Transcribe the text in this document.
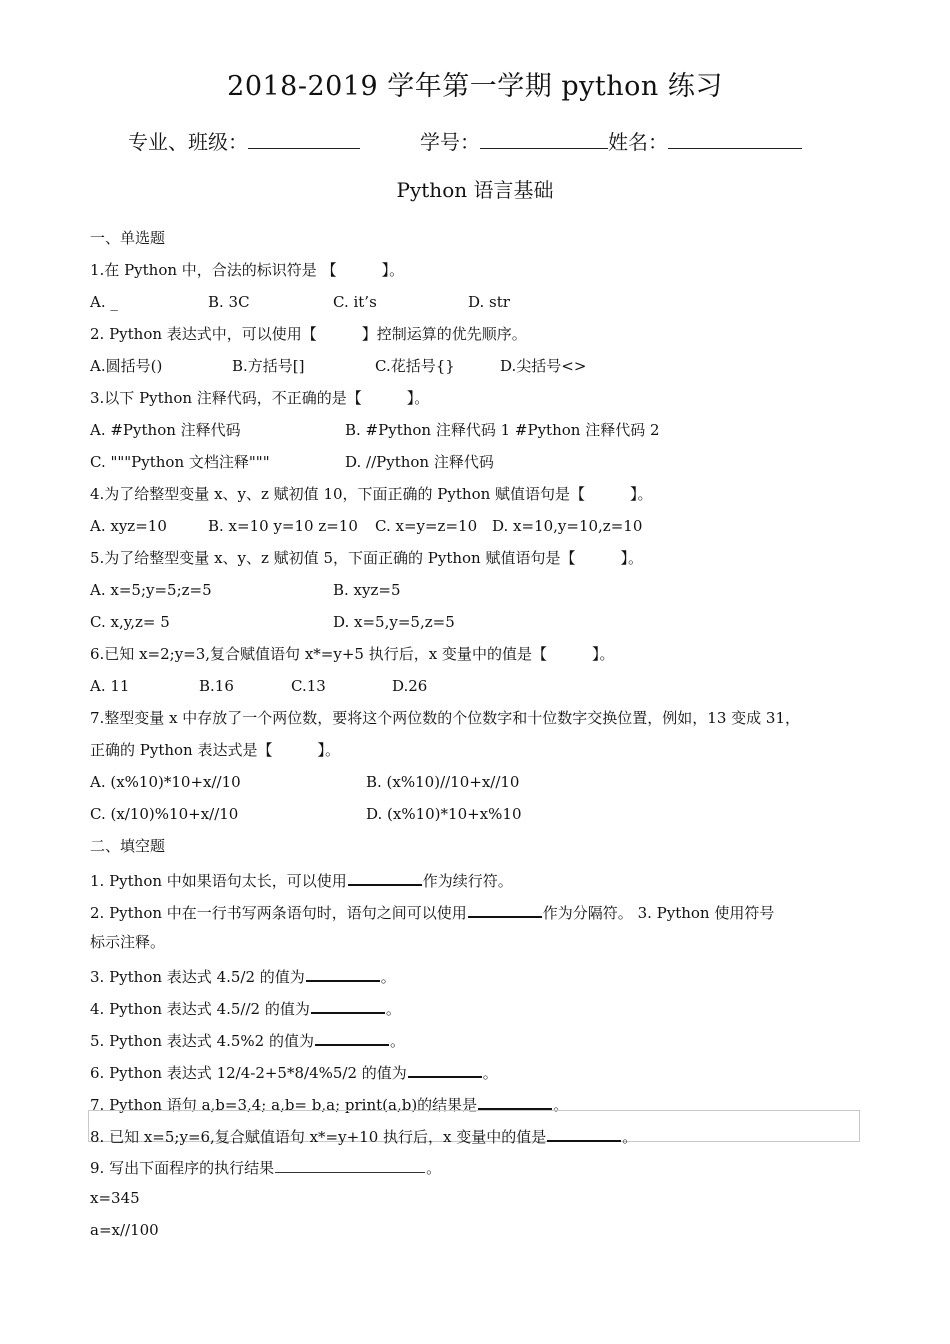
2018-2019 学年第一学期 python 练习
专业、班级：	学号：	姓名：
Python 语言基础
一、单选题
1.在 Python 中，合法的标识符是 【　　　】。
A. _	B. 3C	C. it’s	D. str
2. Python 表达式中，可以使用【　　　】控制运算的优先顺序。
A.圆括号()	B.方括号[]	C.花括号{}	D.尖括号<>
3.以下 Python 注释代码，不正确的是【　　　】。
A. #Python 注释代码	B. #Python 注释代码 1 #Python 注释代码 2
C. """Python 文档注释"""	D. //Python 注释代码
4.为了给整型变量 x、y、z 赋初值 10，下面正确的 Python 赋值语句是【　　　】。
A. xyz=10	B. x=10 y=10 z=10 C. x=y=z=10 D. x=10,y=10,z=10
5.为了给整型变量 x、y、z 赋初值 5，下面正确的 Python 赋值语句是【　　　】。
A. x=5;y=5;z=5	B. xyz=5
C. x,y,z= 5	D. x=5,y=5,z=5
6.已知 x=2;y=3,复合赋值语句 x*=y+5 执行后，x 变量中的值是【　　　】。
A. 11	B.16	C.13	D.26
7.整型变量 x 中存放了一个两位数，要将这个两位数的个位数字和十位数字交换位置，例如，13 变成 31，
正确的 Python 表达式是【　　　】。
A. (x%10)*10+x//10	B. (x%10)//10+x//10
C. (x/10)%10+x//10	D. (x%10)*10+x%10
二、填空题
1. Python 中如果语句太长，可以使用	作为续行符。
2. Python 中在一行书写两条语句时，语句之间可以使用	作为分隔符。 3. Python 使用符号
标示注释。
3. Python 表达式 4.5/2 的值为	。
4. Python 表达式 4.5//2 的值为	。
5. Python 表达式 4.5%2 的值为	。
6. Python 表达式 12/4-2+5*8/4%5/2 的值为	。
7. Python 语句 a,b=3,4; a,b= b,a; print(a,b)的结果是	。
8. 已知 x=5;y=6,复合赋值语句 x*=y+10 执行后，x 变量中的值是	。
9. 写出下面程序的执行结果	。
x=345
a=x//100
